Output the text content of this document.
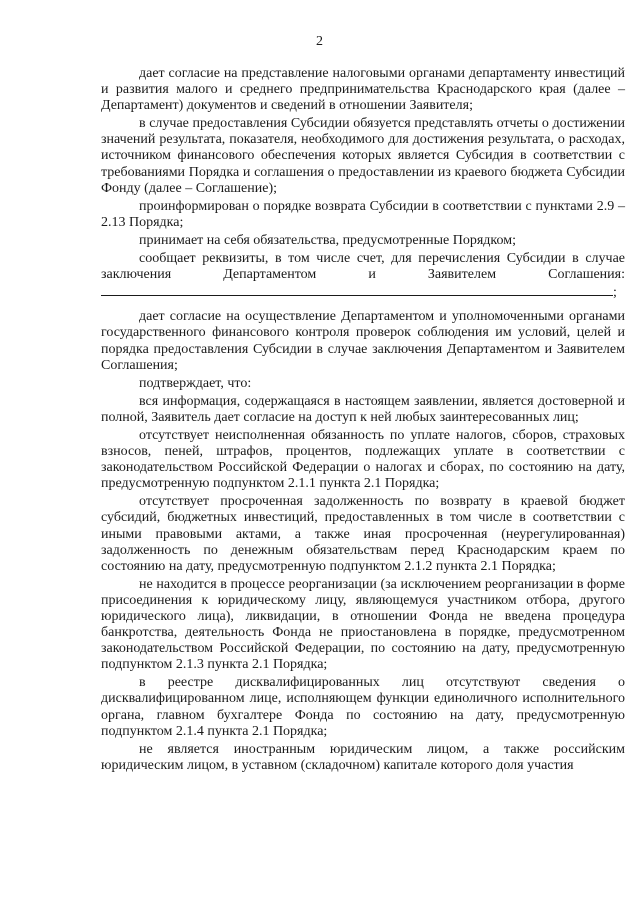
2

дает согласие на представление налоговыми органами департаменту инвестиций и развития малого и среднего предпринимательства Краснодарского края (далее – Департамент) документов и сведений в отношении Заявителя;

в случае предоставления Субсидии обязуется представлять отчеты о достижении значений результата, показателя, необходимого для достижения результата, о расходах, источником финансового обеспечения которых является Субсидия в соответствии с требованиями Порядка и соглашения о предоставлении из краевого бюджета Субсидии Фонду (далее – Соглашение);

проинформирован о порядке возврата Субсидии в соответствии с пунктами 2.9 – 2.13 Порядка;

принимает на себя обязательства, предусмотренные Порядком;

сообщает реквизиты, в том числе счет, для перечисления Субсидии в случае заключения Департаментом и Заявителем Соглашения:

;

дает согласие на осуществление Департаментом и уполномоченными органами государственного финансового контроля проверок соблюдения им условий, целей и порядка предоставления Субсидии в случае заключения Департаментом и Заявителем Соглашения;

подтверждает, что:

вся информация, содержащаяся в настоящем заявлении, является достоверной и полной, Заявитель дает согласие на доступ к ней любых заинтересованных лиц;

отсутствует неисполненная обязанность по уплате налогов, сборов, страховых взносов, пеней, штрафов, процентов, подлежащих уплате в соответствии с законодательством Российской Федерации о налогах и сборах, по состоянию на дату, предусмотренную подпунктом 2.1.1 пункта 2.1 Порядка;

отсутствует просроченная задолженность по возврату в краевой бюджет субсидий, бюджетных инвестиций, предоставленных в том числе в соответствии с иными правовыми актами, а также иная просроченная (неурегулированная) задолженность по денежным обязательствам перед Краснодарским краем по состоянию на дату, предусмотренную подпунктом 2.1.2 пункта 2.1 Порядка;

не находится в процессе реорганизации (за исключением реорганизации в форме присоединения к юридическому лицу, являющемуся участником отбора, другого юридического лица), ликвидации, в отношении Фонда не введена процедура банкротства, деятельность Фонда не приостановлена в порядке, предусмотренном законодательством Российской Федерации, по состоянию на дату, предусмотренную подпунктом 2.1.3 пункта 2.1 Порядка;

в реестре дисквалифицированных лиц отсутствуют сведения о дисквалифицированном лице, исполняющем функции единоличного исполнительного органа, главном бухгалтере Фонда по состоянию на дату, предусмотренную подпунктом 2.1.4 пункта 2.1 Порядка;

не является иностранным юридическим лицом, а также российским юридическим лицом, в уставном (складочном) капитале которого доля участия
